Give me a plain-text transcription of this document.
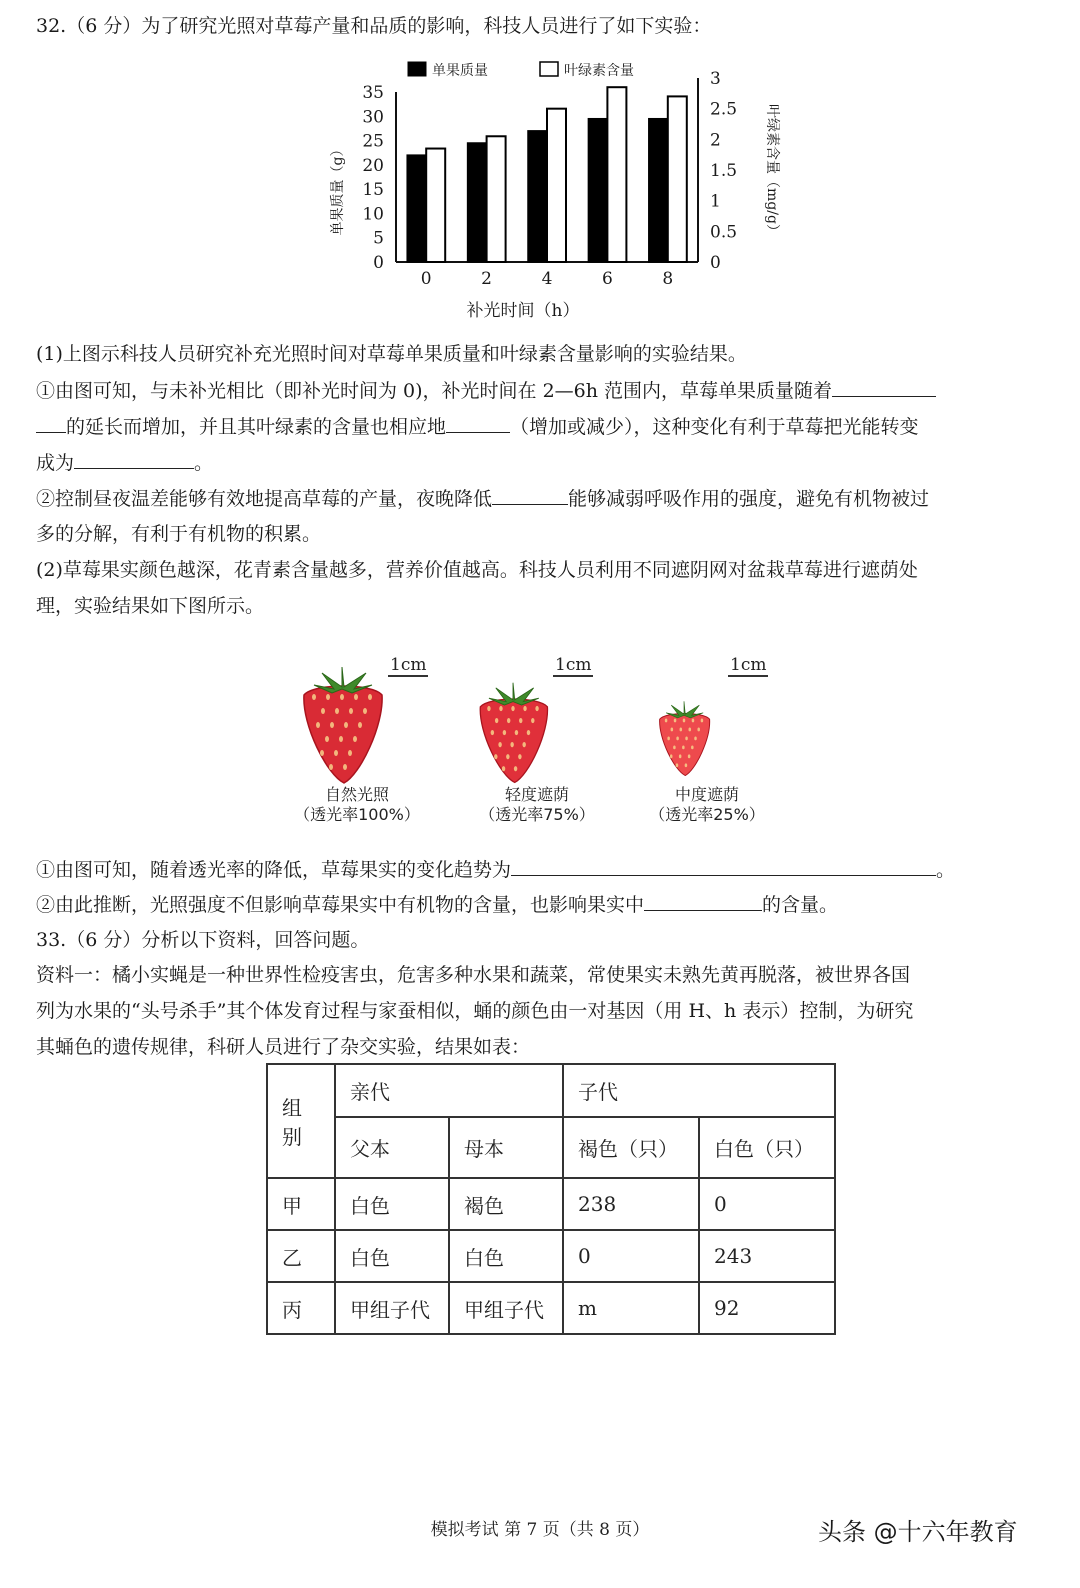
32.（6 分）为了研究光照对草莓产量和品质的影响，科技人员进行了如下实验：
单果质量	叶绿素含量
0
5
10
15
20
25
30
35
0
0.5
1
1.5
2
2.5
3
0	2	4	6	8
单果质量（g）	叶绿素含量（mg/g）
补光时间（h）
(1)上图示科技人员研究补充光照时间对草莓单果质量和叶绿素含量影响的实验结果。
①由图可知，与未补光相比（即补光时间为 0)，补光时间在 2—6h 范围内，草莓单果质量随着
的延长而增加，并且其叶绿素的含量也相应地	（增加或减少），这种变化有利于草莓把光能转变
成为	。
②控制昼夜温差能够有效地提高草莓的产量，夜晚降低	能够减弱呼吸作用的强度，避免有机物被过
多的分解，有利于有机物的积累。
(2)草莓果实颜色越深，花青素含量越多，营养价值越高。科技人员利用不同遮阴网对盆栽草莓进行遮荫处
理，实验结果如下图所示。
1cm
自然光照
（透光率100%）
1cm
轻度遮荫
（透光率75%）
1cm
中度遮荫
（透光率25%）
①由图可知，随着透光率的降低，草莓果实的变化趋势为	。
②由此推断，光照强度不但影响草莓果实中有机物的含量，也影响果实中	的含量。
33.（6 分）分析以下资料，回答问题。
资料一：橘小实蝇是一种世界性检疫害虫，危害多种水果和蔬菜，常使果实未熟先黄再脱落，被世界各国
列为水果的“头号杀手”其个体发育过程与家蚕相似，蛹的颜色由一对基因（用 H、h 表示）控制，为研究
其蛹色的遗传规律，科研人员进行了杂交实验，结果如表：
组别	亲代		子代	
	父本	母本	褐色（只）	白色（只）
甲	白色	褐色	238	0
乙	白色	白色	0	243
丙	甲组子代	甲组子代	m	92
模拟考试 第 7 页（共 8 页）	头条 @十六年教育
